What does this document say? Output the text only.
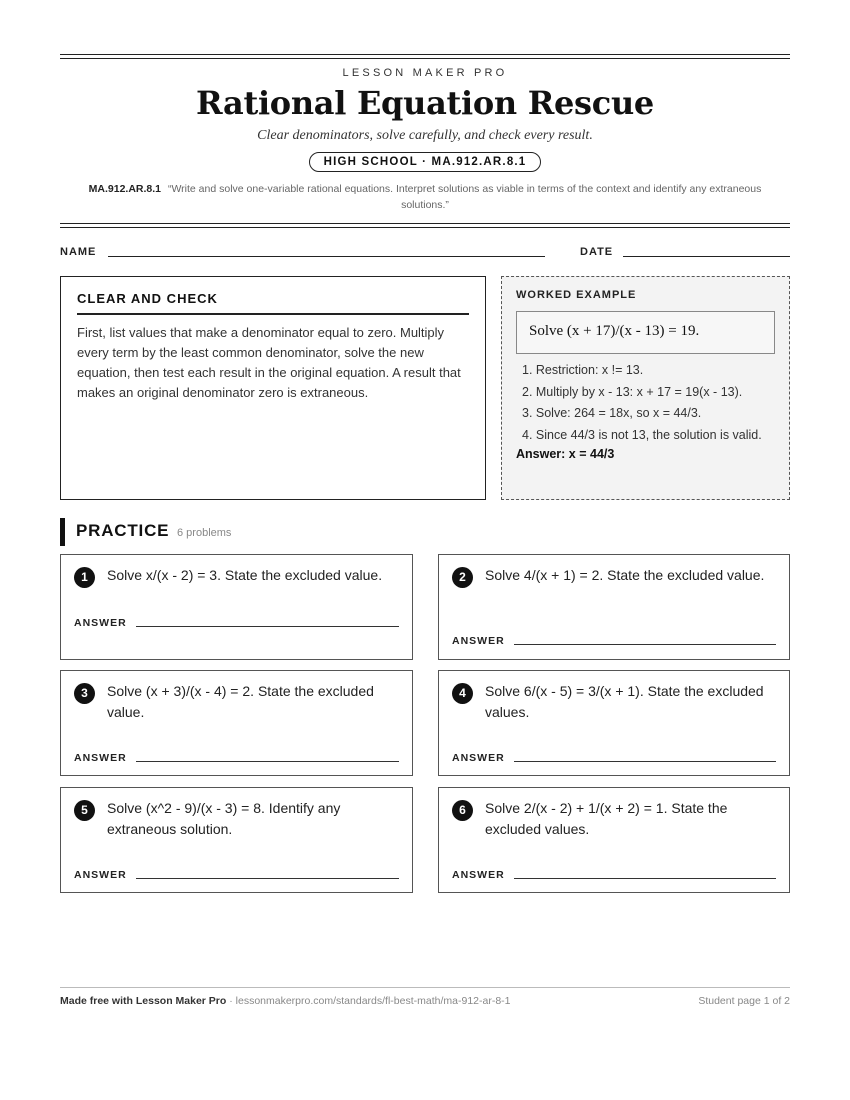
LESSON MAKER PRO
Rational Equation Rescue
Clear denominators, solve carefully, and check every result.
HIGH SCHOOL · MA.912.AR.8.1
MA.912.AR.8.1 “Write and solve one-variable rational equations. Interpret solutions as viable in terms of the context and identify any extraneous solutions.”
NAME	DATE
CLEAR AND CHECK
First, list values that make a denominator equal to zero. Multiply every term by the least common denominator, solve the new equation, then test each result in the original equation. A result that makes an original denominator zero is extraneous.
WORKED EXAMPLE
Solve (x + 17)/(x - 13) = 19.
1. Restriction: x != 13.
2. Multiply by x - 13: x + 17 = 19(x - 13).
3. Solve: 264 = 18x, so x = 44/3.
4. Since 44/3 is not 13, the solution is valid.
Answer: x = 44/3
PRACTICE 6 problems
1	Solve x/(x - 2) = 3. State the excluded value.
ANSWER
2	Solve 4/(x + 1) = 2. State the excluded value.
ANSWER
3	Solve (x + 3)/(x - 4) = 2. State the excluded value.
ANSWER
4	Solve 6/(x - 5) = 3/(x + 1). State the excluded values.
ANSWER
5	Solve (x^2 - 9)/(x - 3) = 8. Identify any extraneous solution.
ANSWER
6	Solve 2/(x - 2) + 1/(x + 2) = 1. State the excluded values.
ANSWER
Made free with Lesson Maker Pro · lessonmakerpro.com/standards/fl-best-math/ma-912-ar-8-1	Student page 1 of 2
